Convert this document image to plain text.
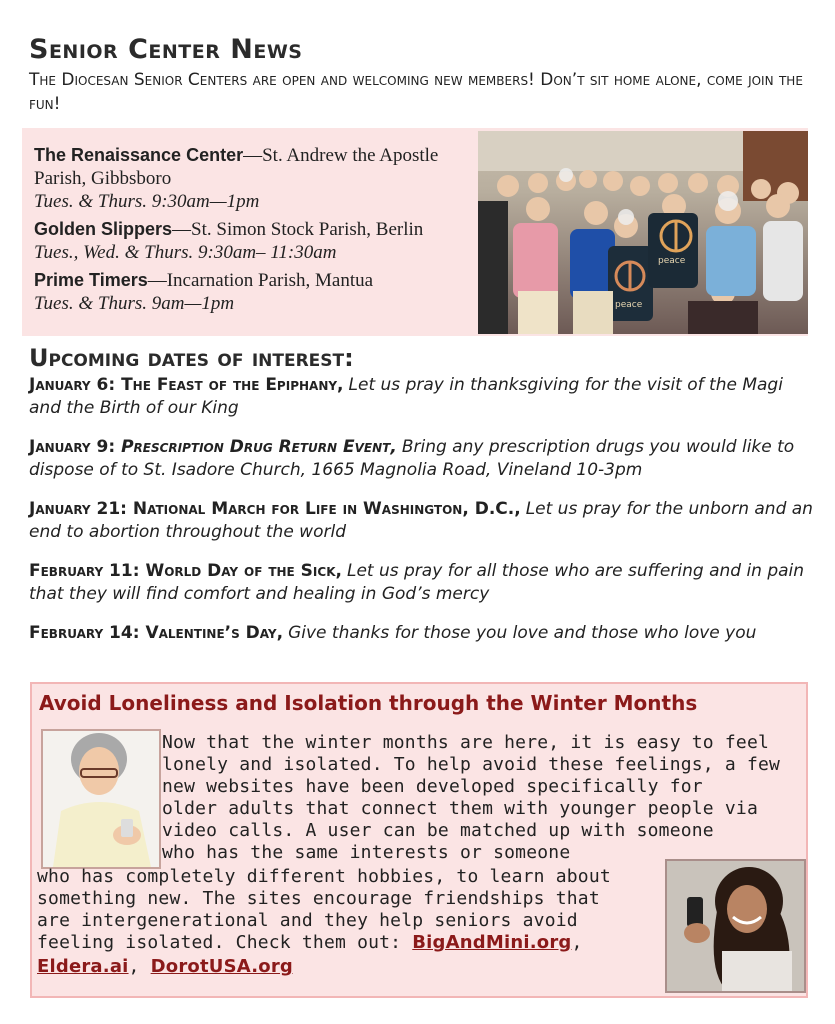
Senior Center News
The Diocesan Senior Centers are open and welcoming new members! Don’t sit home alone, come join the fun!
The Renaissance Center—St. Andrew the Apostle Parish, Gibbsboro
Tues. & Thurs. 9:30am—1pm
Golden Slippers—St. Simon Stock Parish, Berlin
Tues., Wed. & Thurs. 9:30am– 11:30am
Prime Timers—Incarnation Parish, Mantua
Tues. & Thurs. 9am—1pm
peace
peace
Upcoming dates of interest:
January 6: The Feast of the Epiphany, Let us pray in thanksgiving for the visit of the Magi and the Birth of our King
January 9: Prescription Drug Return Event, Bring any prescription drugs you would like to dispose of to St. Isadore Church, 1665 Magnolia Road, Vineland 10-3pm
January 21: National March for Life in Washington, D.C., Let us pray for the unborn and an end to abortion throughout the world
February 11: World Day of the Sick, Let us pray for all those who are suffering and in pain that they will find comfort and healing in God’s mercy
February 14: Valentine’s Day, Give thanks for those you love and those who love you
Avoid Loneliness and Isolation through the Winter Months
Now that the winter months are here, it is easy to feel
lonely and isolated. To help avoid these feelings, a few
new websites have been developed specifically for
older adults that connect them with younger people via
video calls. A user can be matched up with someone
who has the same interests or someone
who has completely different hobbies, to learn about
something new. The sites encourage friendships that
are intergenerational and they help seniors avoid
feeling isolated. Check them out: BigAndMini.org,
Eldera.ai, DorotUSA.org
